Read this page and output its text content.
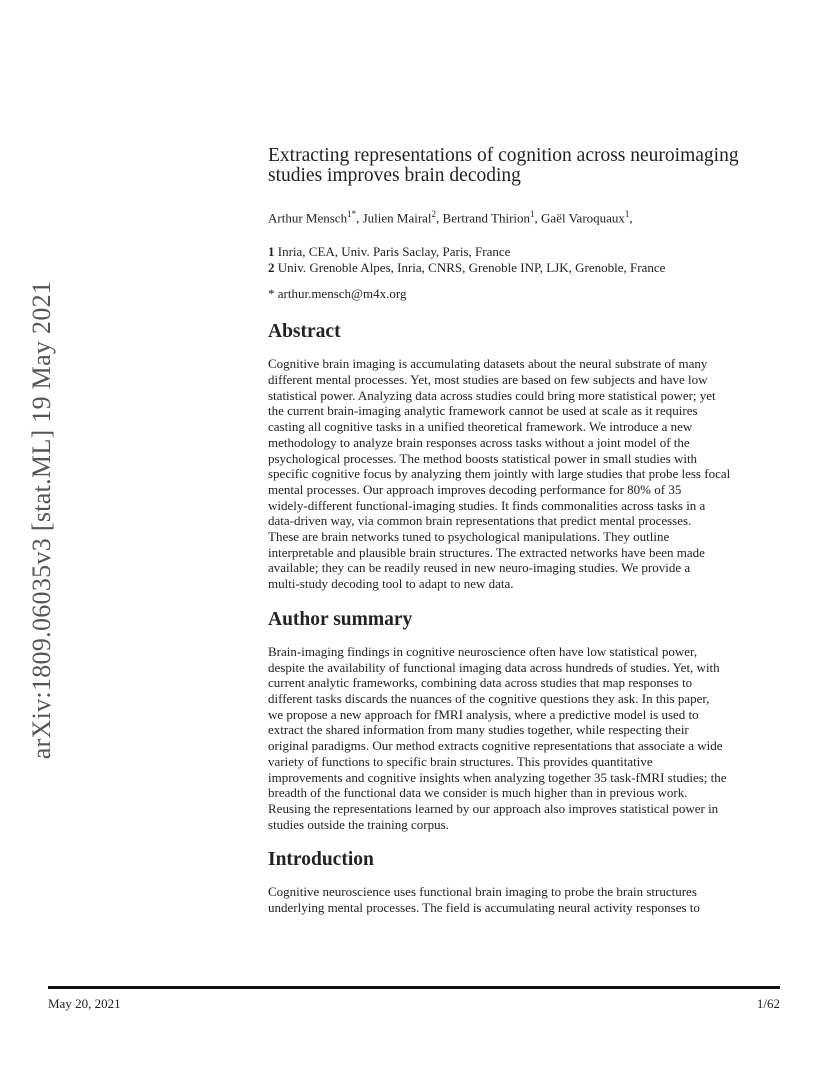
arXiv:1809.06035v3 [stat.ML] 19 May 2021
Extracting representations of cognition across neuroimaging
studies improves brain decoding

Arthur Mensch$^{1*}$, Julien Mairal$^2$, Bertrand Thirion$^1$, Gaël Varoquaux$^1$,

1 Inria, CEA, Univ. Paris Saclay, Paris, France

2 Univ. Grenoble Alpes, Inria, CNRS, Grenoble INP, LJK, Grenoble, France

* arthur.mensch@m4x.org

Abstract
Cognitive brain imaging is accumulating datasets about the neural substrate of many
different mental processes. Yet, most studies are based on few subjects and have low
statistical power. Analyzing data across studies could bring more statistical power; yet
the current brain-imaging analytic framework cannot be used at scale as it requires
casting all cognitive tasks in a unified theoretical framework. We introduce a new
methodology to analyze brain responses across tasks without a joint model of the
psychological processes. The method boosts statistical power in small studies with
specific cognitive focus by analyzing them jointly with large studies that probe less focal
mental processes. Our approach improves decoding performance for 80% of 35
widely-different functional-imaging studies. It finds commonalities across tasks in a
data-driven way, via common brain representations that predict mental processes.
These are brain networks tuned to psychological manipulations. They outline
interpretable and plausible brain structures. The extracted networks have been made
available; they can be readily reused in new neuro-imaging studies. We provide a
multi-study decoding tool to adapt to new data.
Author summary
Brain-imaging findings in cognitive neuroscience often have low statistical power,
despite the availability of functional imaging data across hundreds of studies. Yet, with
current analytic frameworks, combining data across studies that map responses to
different tasks discards the nuances of the cognitive questions they ask. In this paper,
we propose a new approach for fMRI analysis, where a predictive model is used to
extract the shared information from many studies together, while respecting their
original paradigms. Our method extracts cognitive representations that associate a wide
variety of functions to specific brain structures. This provides quantitative
improvements and cognitive insights when analyzing together 35 task-fMRI studies; the
breadth of the functional data we consider is much higher than in previous work.
Reusing the representations learned by our approach also improves statistical power in
studies outside the training corpus.
Introduction
Cognitive neuroscience uses functional brain imaging to probe the brain structures
underlying mental processes. The field is accumulating neural activity responses to
May 20, 2021	1/62
